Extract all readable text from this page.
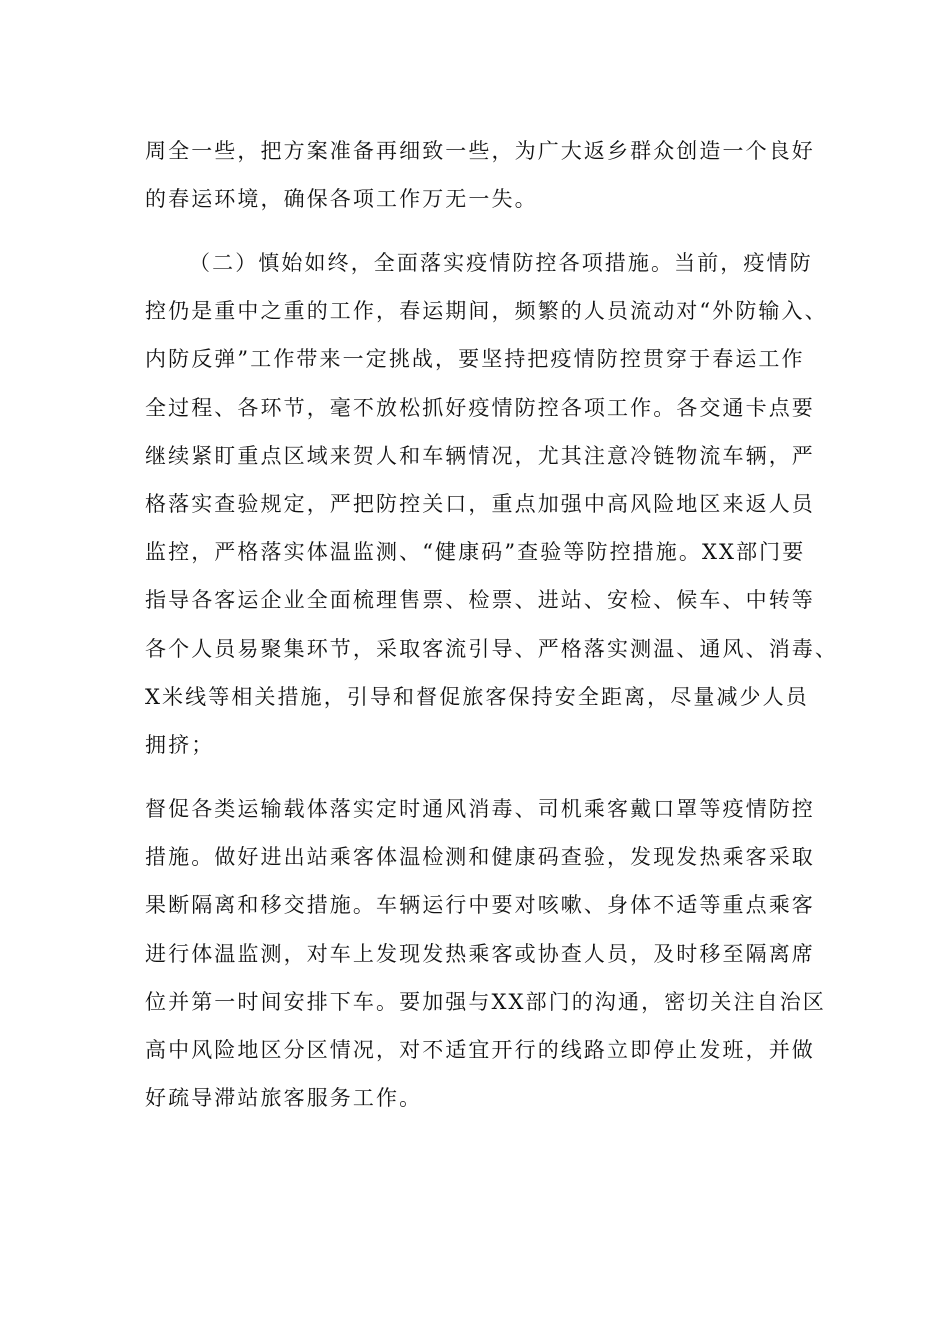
周全一些，把方案准备再细致一些，为广大返乡群众创造一个良好
的春运环境，确保各项工作万无一失。
（二）慎始如终，全面落实疫情防控各项措施。当前，疫情防
控仍是重中之重的工作，春运期间，频繁的人员流动对“外防输入、
内防反弹”工作带来一定挑战，要坚持把疫情防控贯穿于春运工作
全过程、各环节，毫不放松抓好疫情防控各项工作。各交通卡点要
继续紧盯重点区域来贺人和车辆情况，尤其注意冷链物流车辆，严
格落实查验规定，严把防控关口，重点加强中高风险地区来返人员
监控，严格落实体温监测、“健康码”查验等防控措施。XX部门要
指导各客运企业全面梳理售票、检票、进站、安检、候车、中转等
各个人员易聚集环节，采取客流引导、严格落实测温、通风、消毒、
X米线等相关措施，引导和督促旅客保持安全距离，尽量减少人员
拥挤；
督促各类运输载体落实定时通风消毒、司机乘客戴口罩等疫情防控
措施。做好进出站乘客体温检测和健康码查验，发现发热乘客采取
果断隔离和移交措施。车辆运行中要对咳嗽、身体不适等重点乘客
进行体温监测，对车上发现发热乘客或协查人员，及时移至隔离席
位并第一时间安排下车。要加强与XX部门的沟通，密切关注自治区
高中风险地区分区情况，对不适宜开行的线路立即停止发班，并做
好疏导滞站旅客服务工作。
